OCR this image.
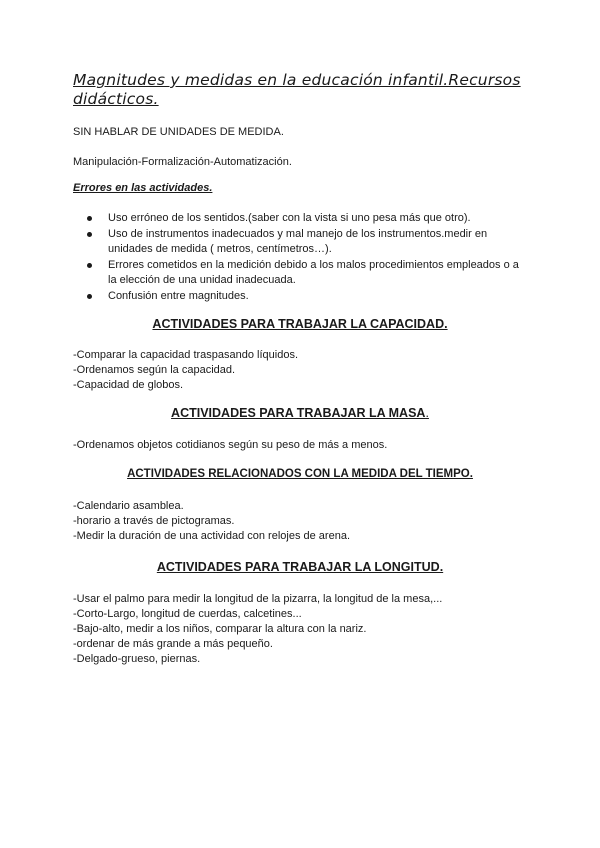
Magnitudes y medidas en la educación infantil.Recursos didácticos.

SIN HABLAR DE UNIDADES DE MEDIDA.

Manipulación-Formalización-Automatización.

Errores en las actividades.

Uso erróneo de los sentidos.(saber con la vista si uno pesa más que otro).
Uso de instrumentos inadecuados y mal manejo de los instrumentos.medir en unidades de medida ( metros, centímetros…).
Errores cometidos en la medición debido a los malos procedimientos empleados o a la elección de una unidad inadecuada.
Confusión entre magnitudes.
ACTIVIDADES PARA TRABAJAR LA CAPACIDAD.

-Comparar la capacidad traspasando líquidos.

-Ordenamos según la capacidad.

-Capacidad de globos.

ACTIVIDADES PARA TRABAJAR LA MASA.

-Ordenamos objetos cotidianos según su peso de más a menos.

ACTIVIDADES RELACIONADOS CON LA MEDIDA DEL TIEMPO.

-Calendario asamblea.

-horario a través de pictogramas.

-Medir la duración de una actividad con relojes de arena.

ACTIVIDADES PARA TRABAJAR LA LONGITUD.

-Usar el palmo para medir la longitud de la pizarra, la longitud de la mesa,...

-Corto-Largo, longitud de cuerdas, calcetines...

-Bajo-alto, medir a los niños, comparar la altura con la nariz.

-ordenar de más grande a más pequeño.

-Delgado-grueso, piernas.
